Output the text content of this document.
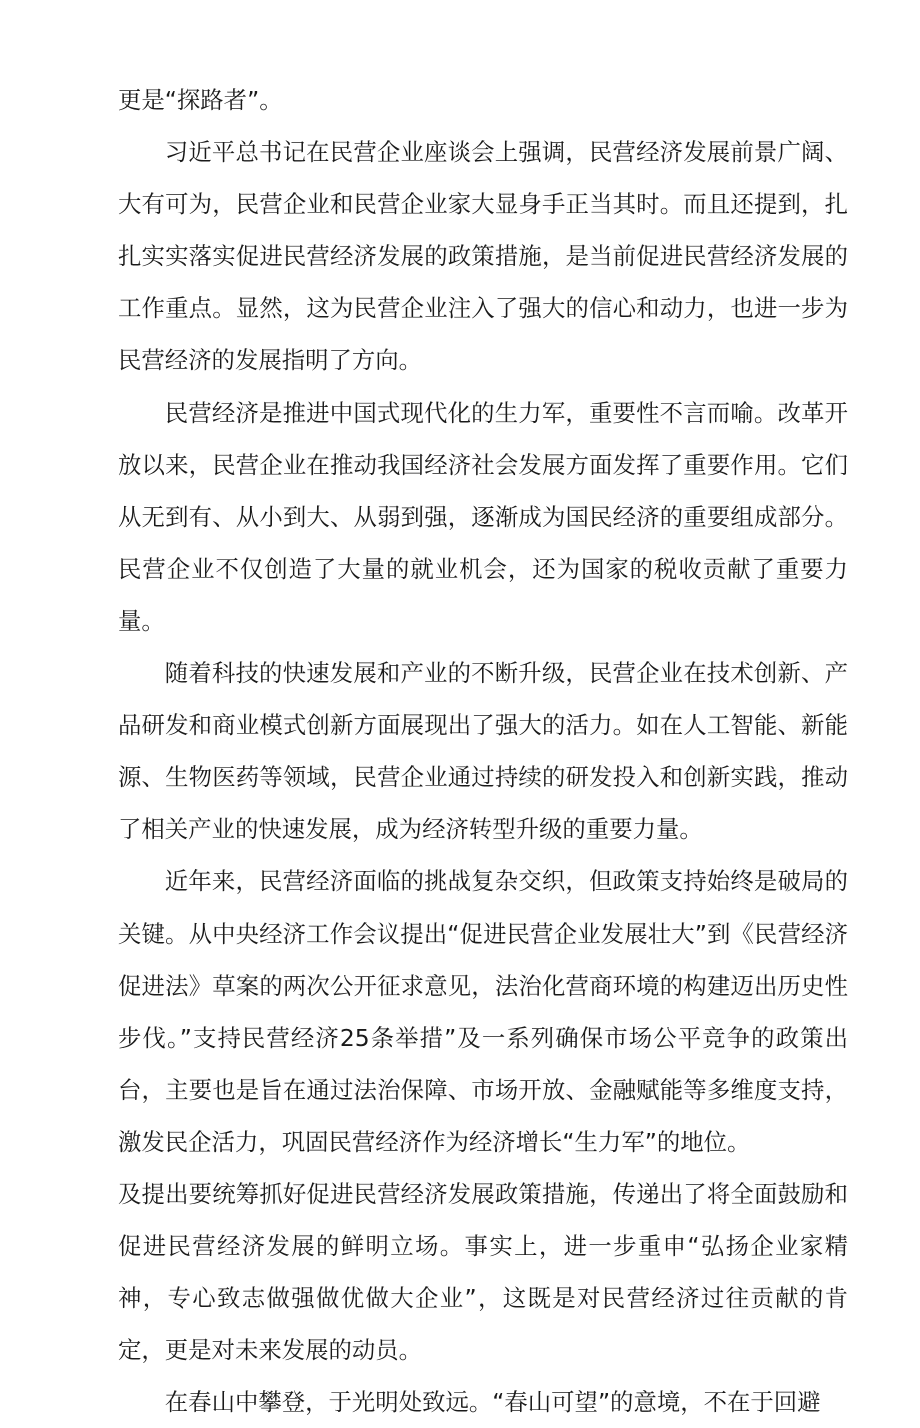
更是“探路者”。

习近平总书记在民营企业座谈会上强调，民营经济发展前景广阔、大有可为，民营企业和民营企业家大显身手正当其时。而且还提到，扎扎实实落实促进民营经济发展的政策措施，是当前促进民营经济发展的工作重点。显然，这为民营企业注入了强大的信心和动力，也进一步为民营经济的发展指明了方向。

民营经济是推进中国式现代化的生力军，重要性不言而喻。改革开放以来，民营企业在推动我国经济社会发展方面发挥了重要作用。它们从无到有、从小到大、从弱到强，逐渐成为国民经济的重要组成部分。民营企业不仅创造了大量的就业机会，还为国家的税收贡献了重要力量。

随着科技的快速发展和产业的不断升级，民营企业在技术创新、产品研发和商业模式创新方面展现出了强大的活力。如在人工智能、新能源、生物医药等领域，民营企业通过持续的研发投入和创新实践，推动了相关产业的快速发展，成为经济转型升级的重要力量。

近年来，民营经济面临的挑战复杂交织，但政策支持始终是破局的关键。从中央经济工作会议提出“促进民营企业发展壮大”到《民营经济促进法》草案的两次公开征求意见，法治化营商环境的构建迈出历史性步伐。”支持民营经济25条举措”及一系列确保市场公平竞争的政策出台，主要也是旨在通过法治保障、市场开放、金融赋能等多维度支持，激发民企活力，巩固民营经济作为经济增长“生力军”的地位。

及提出要统筹抓好促进民营经济发展政策措施，传递出了将全面鼓励和促进民营经济发展的鲜明立场。事实上，进一步重申“弘扬企业家精神，专心致志做强做优做大企业”，这既是对民营经济过往贡献的肯定，更是对未来发展的动员。

在春山中攀登，于光明处致远。“春山可望”的意境，不在于回避
